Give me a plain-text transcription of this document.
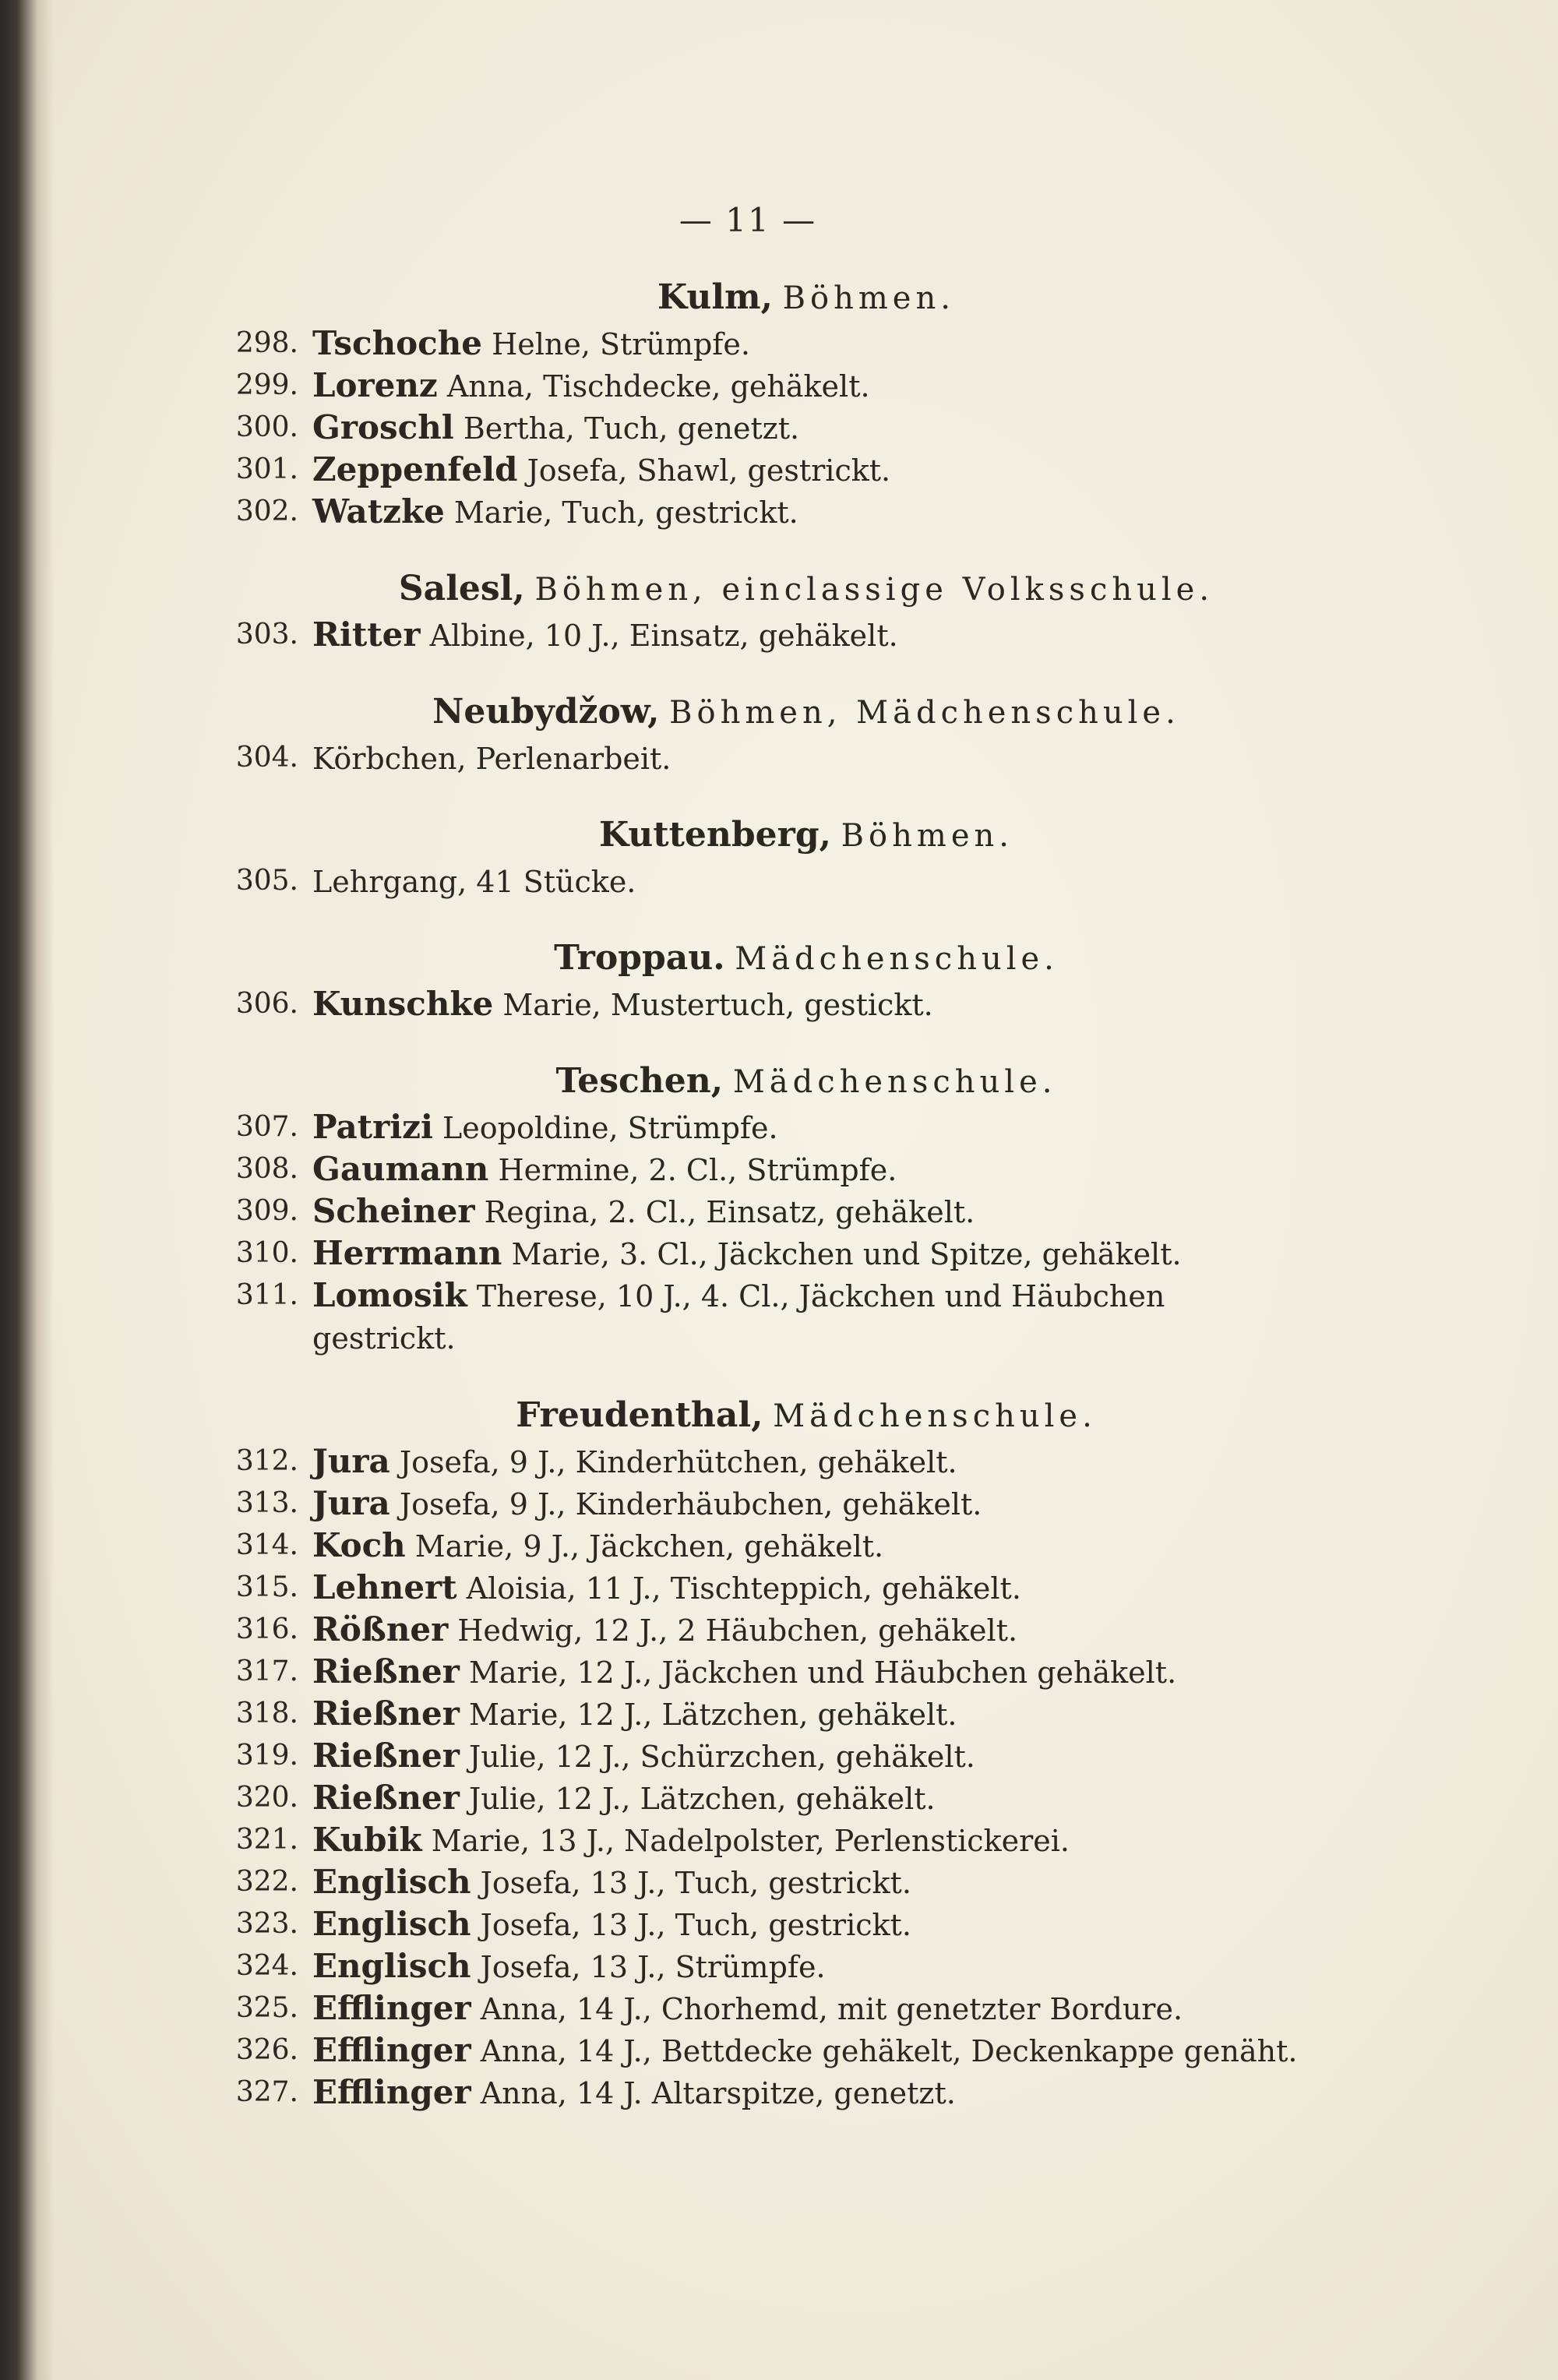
— 11 —
Kulm, Böhmen.
298. Tschoche Helne, Strümpfe.
299. Lorenz Anna, Tischdecke, gehäkelt.
300. Groschl Bertha, Tuch, genetzt.
301. Zeppenfeld Josefa, Shawl, gestrickt.
302. Watzke Marie, Tuch, gestrickt.
Salesl, Böhmen, einclassige Volksschule.
303. Ritter Albine, 10 J., Einsatz, gehäkelt.
Neubydžow, Böhmen, Mädchenschule.
304. Körbchen, Perlenarbeit.
Kuttenberg, Böhmen.
305. Lehrgang, 41 Stücke.
Troppau. Mädchenschule.
306. Kunschke Marie, Mustertuch, gestickt.
Teschen, Mädchenschule.
307. Patrizi Leopoldine, Strümpfe.
308. Gaumann Hermine, 2. Cl., Strümpfe.
309. Scheiner Regina, 2. Cl., Einsatz, gehäkelt.
310. Herrmann Marie, 3. Cl., Jäckchen und Spitze, gehäkelt.
311. Lomosik Therese, 10 J., 4. Cl., Jäckchen und Häubchen gestrickt.
Freudenthal, Mädchenschule.
312. Jura Josefa, 9 J., Kinderhütchen, gehäkelt.
313. Jura Josefa, 9 J., Kinderhäubchen, gehäkelt.
314. Koch Marie, 9 J., Jäckchen, gehäkelt.
315. Lehnert Aloisia, 11 J., Tischteppich, gehäkelt.
316. Rößner Hedwig, 12 J., 2 Häubchen, gehäkelt.
317. Rießner Marie, 12 J., Jäckchen und Häubchen gehäkelt.
318. Rießner Marie, 12 J., Lätzchen, gehäkelt.
319. Rießner Julie, 12 J., Schürzchen, gehäkelt.
320. Rießner Julie, 12 J., Lätzchen, gehäkelt.
321. Kubik Marie, 13 J., Nadelpolster, Perlenstickerei.
322. Englisch Josefa, 13 J., Tuch, gestrickt.
323. Englisch Josefa, 13 J., Tuch, gestrickt.
324. Englisch Josefa, 13 J., Strümpfe.
325. Efflinger Anna, 14 J., Chorhemd, mit genetzter Bordure.
326. Efflinger Anna, 14 J., Bettdecke gehäkelt, Deckenkappe genäht.
327. Efflinger Anna, 14 J. Altarspitze, genetzt.
